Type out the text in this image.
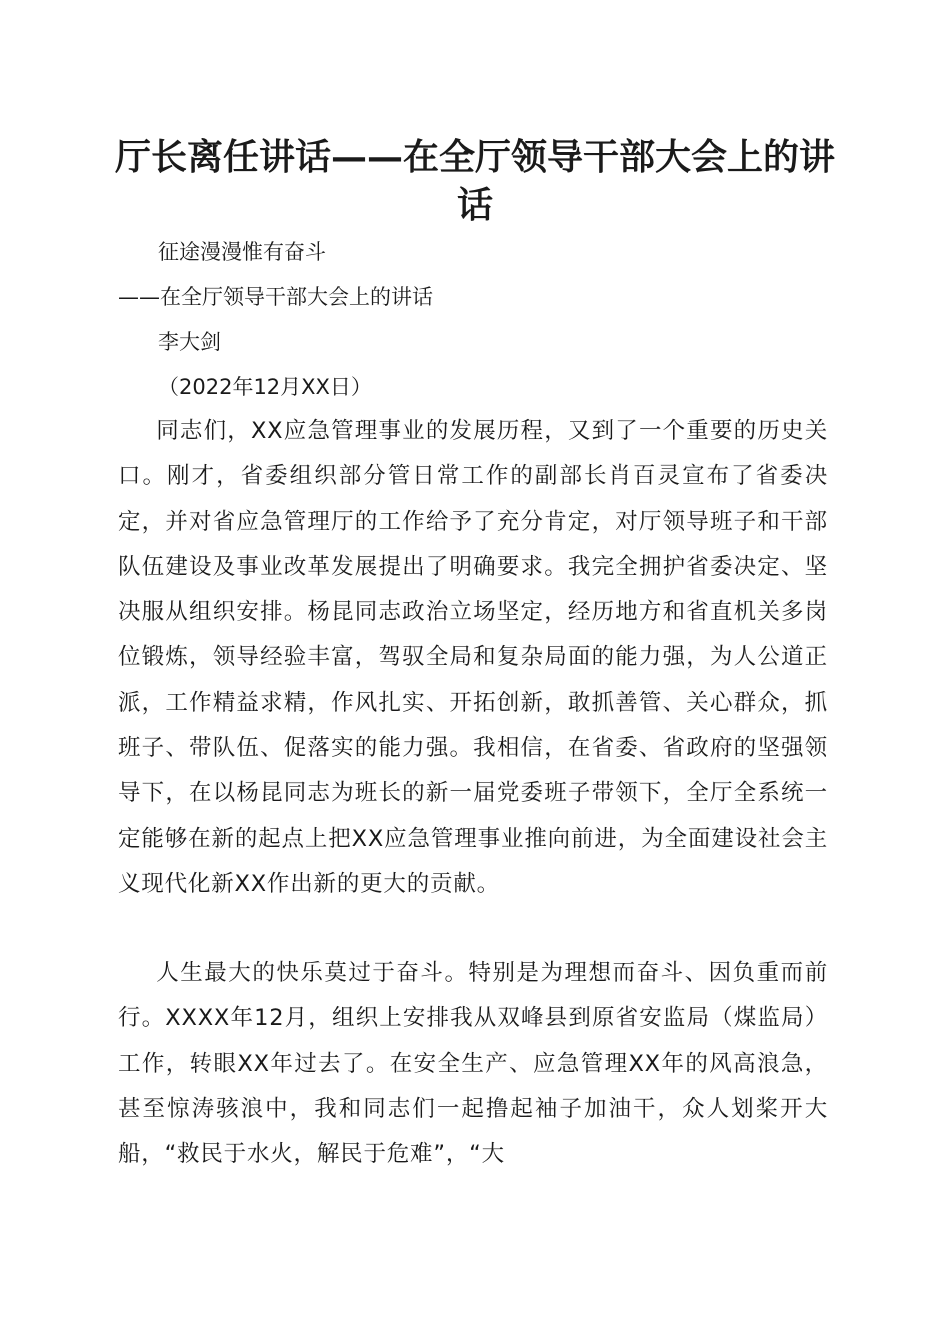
厅长离任讲话——在全厅领导干部大会上的讲话

征途漫漫惟有奋斗

——在全厅领导干部大会上的讲话

李大剑

（2022年12月XX日）

同志们，XX应急管理事业的发展历程，又到了一个重要的历史关口。刚才，省委组织部分管日常工作的副部长肖百灵宣布了省委决定，并对省应急管理厅的工作给予了充分肯定，对厅领导班子和干部队伍建设及事业改革发展提出了明确要求。我完全拥护省委决定、坚决服从组织安排。杨昆同志政治立场坚定，经历地方和省直机关多岗位锻炼，领导经验丰富，驾驭全局和复杂局面的能力强，为人公道正派，工作精益求精，作风扎实、开拓创新，敢抓善管、关心群众，抓班子、带队伍、促落实的能力强。我相信，在省委、省政府的坚强领导下，在以杨昆同志为班长的新一届党委班子带领下，全厅全系统一定能够在新的起点上把XX应急管理事业推向前进，为全面建设社会主义现代化新XX作出新的更大的贡献。

人生最大的快乐莫过于奋斗。特别是为理想而奋斗、因负重而前行。XXXX年12月，组织上安排我从双峰县到原省安监局（煤监局）工作，转眼XX年过去了。在安全生产、应急管理XX年的风高浪急，甚至惊涛骇浪中，我和同志们一起撸起袖子加油干，众人划桨开大船，“救民于水火，解民于危难”，“大
